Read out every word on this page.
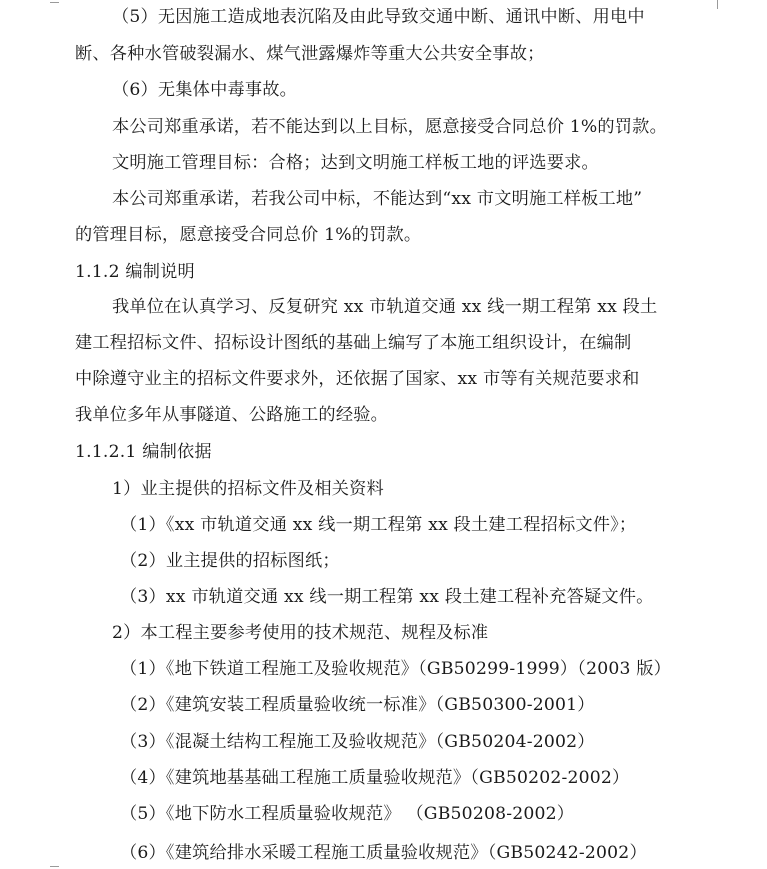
（5）无因施工造成地表沉陷及由此导致交通中断、通讯中断、用电中
断、各种水管破裂漏水、煤气泄露爆炸等重大公共安全事故；
（6）无集体中毒事故。
本公司郑重承诺，若不能达到以上目标，愿意接受合同总价 1%的罚款。
文明施工管理目标：合格；达到文明施工样板工地的评选要求。
本公司郑重承诺，若我公司中标，不能达到“xx 市文明施工样板工地”
的管理目标，愿意接受合同总价 1%的罚款。
1.1.2 编制说明
我单位在认真学习、反复研究 xx 市轨道交通 xx 线一期工程第 xx 段土
建工程招标文件、招标设计图纸的基础上编写了本施工组织设计，在编制
中除遵守业主的招标文件要求外，还依据了国家、xx 市等有关规范要求和
我单位多年从事隧道、公路施工的经验。
1.1.2.1 编制依据
1）业主提供的招标文件及相关资料
（1）《xx 市轨道交通 xx 线一期工程第 xx 段土建工程招标文件》；
（2）业主提供的招标图纸；
（3）xx 市轨道交通 xx 线一期工程第 xx 段土建工程补充答疑文件。
2）本工程主要参考使用的技术规范、规程及标准
（1）《地下铁道工程施工及验收规范》（GB50299-1999）（2003 版）
（2）《建筑安装工程质量验收统一标准》（GB50300-2001）
（3）《混凝土结构工程施工及验收规范》（GB50204-2002）
（4）《建筑地基基础工程施工质量验收规范》（GB50202-2002）
（5）《地下防水工程质量验收规范》 （GB50208-2002）
（6）《建筑给排水采暖工程施工质量验收规范》（GB50242-2002）
